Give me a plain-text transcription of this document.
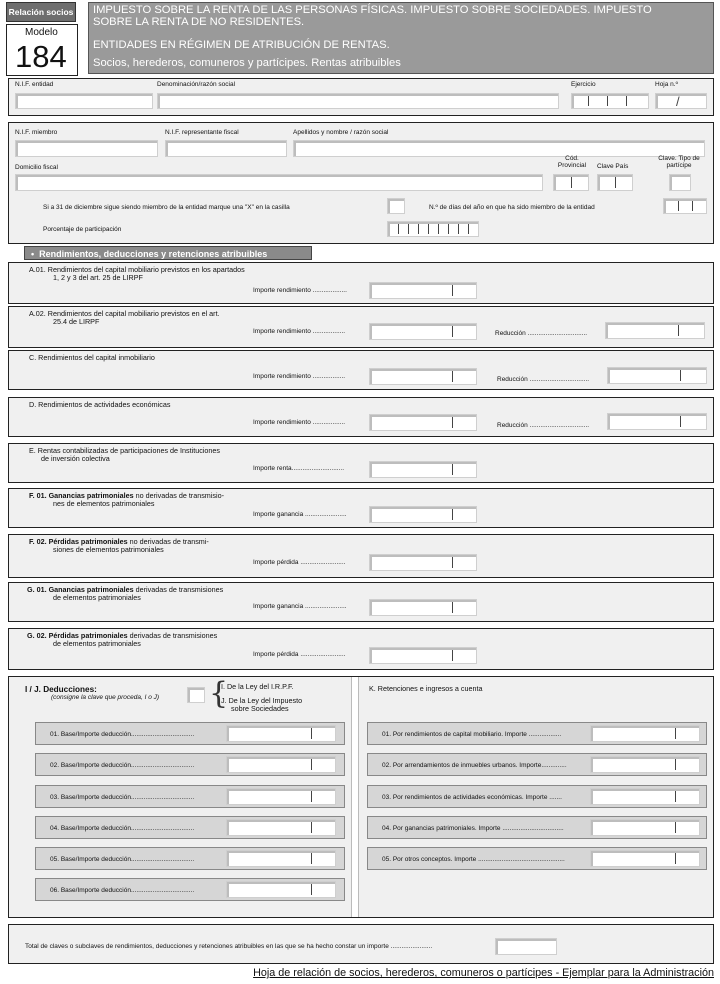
Relación socios
Modelo
184
IMPUESTO SOBRE LA RENTA DE LAS PERSONAS FÍSICAS. IMPUESTO SOBRE SOCIEDADES. IMPUESTO
SOBRE LA RENTA DE NO RESIDENTES.
ENTIDADES EN RÉGIMEN DE ATRIBUCIÓN DE RENTAS.
Socios, herederos, comuneros y partícipes. Rentas atribuibles
N.I.F. entidad	Denominación/razón social	Ejercicio	Hoja n.º
/
N.I.F. miembro	N.I.F. representante fiscal	Apellidos y nombre / razón social
Domicilio fiscal
Cód. Provincial	Clave País
Clave. Tipo de partícipe
Si a 31 de diciembre sigue siendo miembro de la entidad marque una "X" en la casilla	N.º de días del año en que ha sido miembro de la entidad
Porcentaje de participación
•  Rendimientos, deducciones y retenciones atribuibles
A.01. Rendimientos del capital mobiliario previstos en los apartados
1, 2 y 3 del art. 25 de LIRPF
Importe rendimiento ...................
A.02. Rendimientos del capital mobiliario previstos en el art.
25.4 de LIRPF
Importe rendimiento ..................	Reducción .................................
C. Rendimientos del capital inmobiliario
Importe rendimiento ..................	Reducción .................................
D. Rendimientos de actividades económicas
Importe rendimiento ..................	Reducción .................................
E. Rentas contabilizadas de participaciones de Instituciones
de inversión colectiva
Importe renta.............................
F. 01. Ganancias patrimoniales no derivadas de transmisio-
nes de elementos patrimoniales
Importe ganancia .......................
F. 02. Pérdidas patrimoniales no derivadas de transmi-
siones de elementos patrimoniales
Importe pérdida .........................
G. 01. Ganancias patrimoniales derivadas de transmisiones
de elementos patrimoniales
Importe ganancia .......................
G. 02. Pérdidas patrimoniales derivadas de transmisiones
de elementos patrimoniales
Importe pérdida .........................
I / J. Deducciones:
(consigne la clave que proceda, I o J) {
I. De la Ley del I.R.P.F.
J. De la Ley del Impuesto
sobre Sociedades
01. Base/Importe deducción...................................
02. Base/Importe deducción...................................
03. Base/Importe deducción...................................
04. Base/Importe deducción...................................
05. Base/Importe deducción...................................
06. Base/Importe deducción...................................
K. Retenciones e ingresos a cuenta
01. Por rendimientos de capital mobiliario. Importe ..................
02. Por arrendamientos de inmuebles urbanos. Importe..............
03. Por rendimientos de actividades económicas. Importe .......
04. Por ganancias patrimoniales. Importe ..................................
05. Por otros conceptos. Importe ................................................
Total de claves o subclaves de rendimientos, deducciones y retenciones atribuibles en las que se ha hecho constar un importe .......................
Hoja de relación de socios, herederos, comuneros o partícipes - Ejemplar para la Administración
